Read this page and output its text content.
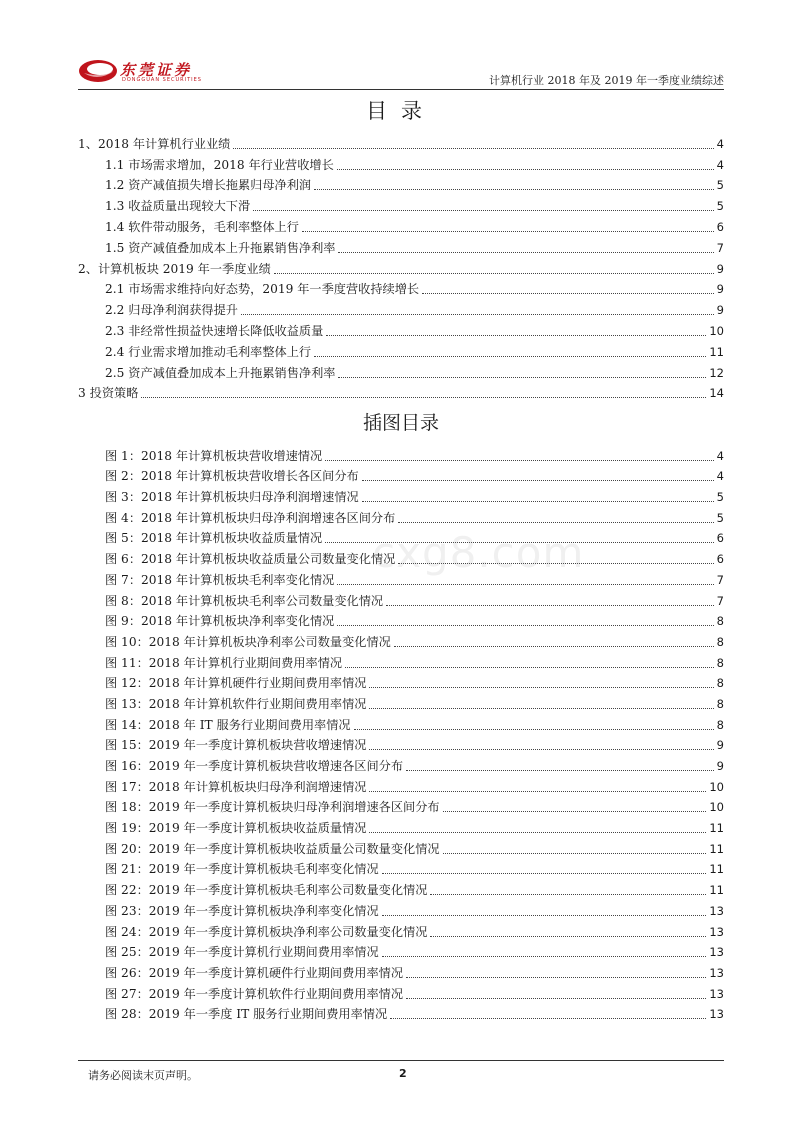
东莞证券
DONGGUAN SECURITIES	计算机行业 2018 年及 2019 年一季度业绩综述
目录
1、2018 年计算机行业业绩	4
1.1 市场需求增加，2018 年行业营收增长	4
1.2 资产减值损失增长拖累归母净利润	5
1.3 收益质量出现较大下滑	5
1.4 软件带动服务，毛利率整体上行	6
1.5 资产减值叠加成本上升拖累销售净利率	7
2、计算机板块 2019 年一季度业绩	9
2.1 市场需求维持向好态势，2019 年一季度营收持续增长	9
2.2 归母净利润获得提升	9
2.3 非经常性损益快速增长降低收益质量	10
2.4 行业需求增加推动毛利率整体上行	11
2.5 资产减值叠加成本上升拖累销售净利率	12
3 投资策略	14
插图目录
图 1：2018 年计算机板块营收增速情况	4
图 2：2018 年计算机板块营收增长各区间分布	4
图 3：2018 年计算机板块归母净利润增速情况	5
图 4：2018 年计算机板块归母净利润增速各区间分布	5
图 5：2018 年计算机板块收益质量情况	6
图 6：2018 年计算机板块收益质量公司数量变化情况	6
图 7：2018 年计算机板块毛利率变化情况	7
图 8：2018 年计算机板块毛利率公司数量变化情况	7
图 9：2018 年计算机板块净利率变化情况	8
图 10：2018 年计算机板块净利率公司数量变化情况	8
图 11：2018 年计算机行业期间费用率情况	8
图 12：2018 年计算机硬件行业期间费用率情况	8
图 13：2018 年计算机软件行业期间费用率情况	8
图 14：2018 年 IT 服务行业期间费用率情况	8
图 15：2019 年一季度计算机板块营收增速情况	9
图 16：2019 年一季度计算机板块营收增速各区间分布	9
图 17：2018 年计算机板块归母净利润增速情况	10
图 18：2019 年一季度计算机板块归母净利润增速各区间分布	10
图 19：2019 年一季度计算机板块收益质量情况	11
图 20：2019 年一季度计算机板块收益质量公司数量变化情况	11
图 21：2019 年一季度计算机板块毛利率变化情况	11
图 22：2019 年一季度计算机板块毛利率公司数量变化情况	11
图 23：2019 年一季度计算机板块净利率变化情况	13
图 24：2019 年一季度计算机板块净利率公司数量变化情况	13
图 25：2019 年一季度计算机行业期间费用率情况	13
图 26：2019 年一季度计算机硬件行业期间费用率情况	13
图 27：2019 年一季度计算机软件行业期间费用率情况	13
图 28：2019 年一季度 IT 服务行业期间费用率情况	13
cxg8.com
请务必阅读末页声明。	2
